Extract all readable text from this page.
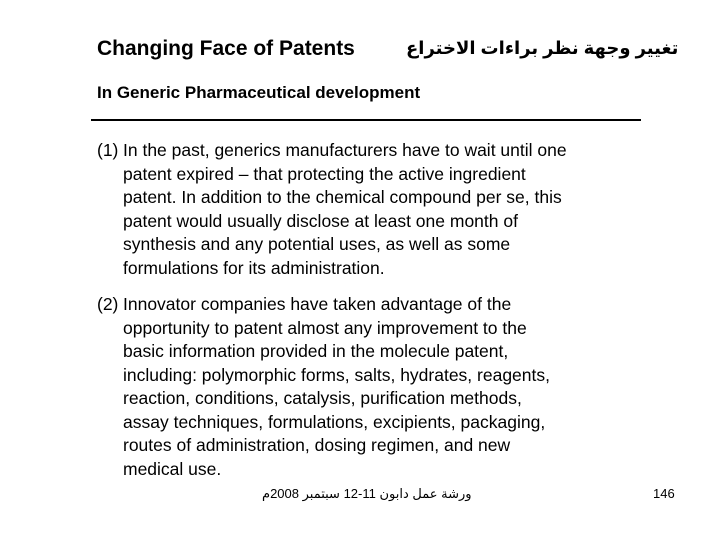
Changing Face of Patents	تغيير وجهة نظر براءات الاختراع
In Generic Pharmaceutical development
(1) In the past, generics manufacturers have to wait until one
patent expired – that protecting the active ingredient
patent. In addition to the chemical compound per se, this
patent would usually disclose at least one month of
synthesis and any potential uses, as well as some
formulations for its administration.
(2) Innovator companies have taken advantage of the
opportunity to patent almost any improvement to the
basic information provided in the molecule patent,
including: polymorphic forms, salts, hydrates, reagents,
reaction, conditions, catalysis, purification methods,
assay techniques, formulations, excipients, packaging,
routes of administration, dosing regimen, and new
medical use.
ورشة عمل دابون 11-12 سبتمبر 2008م	146
